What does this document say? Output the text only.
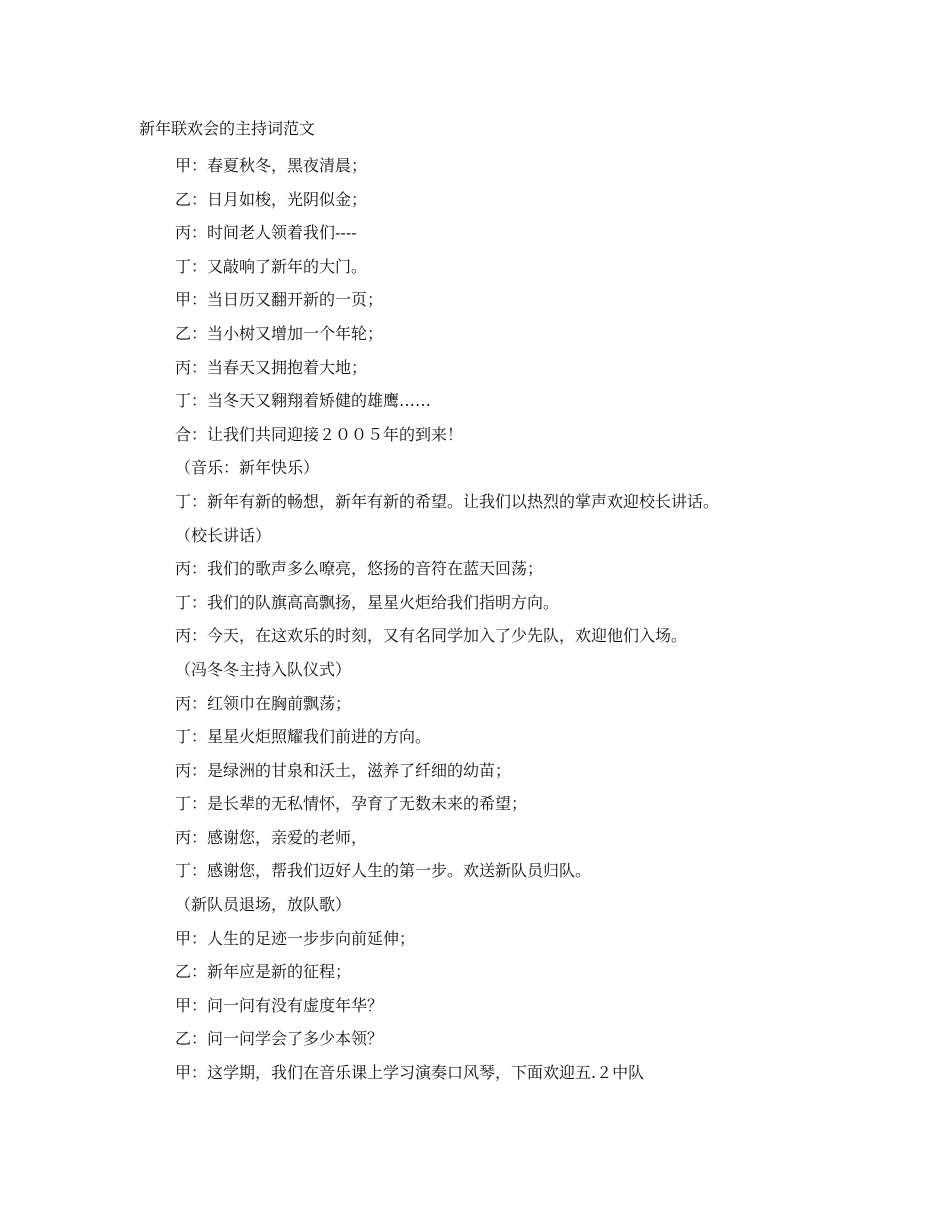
新年联欢会的主持词范文
甲：春夏秋冬，黑夜清晨；
乙：日月如梭，光阴似金；
丙：时间老人领着我们----
丁：又敲响了新年的大门。
甲：当日历又翻开新的一页；
乙：当小树又增加一个年轮；
丙：当春天又拥抱着大地；
丁：当冬天又翱翔着矫健的雄鹰……
合：让我们共同迎接２００５年的到来！
（音乐：新年快乐）
丁：新年有新的畅想，新年有新的希望。让我们以热烈的掌声欢迎校长讲话。
（校长讲话）
丙：我们的歌声多么嘹亮，悠扬的音符在蓝天回荡；
丁：我们的队旗高高飘扬，星星火炬给我们指明方向。
丙：今天，在这欢乐的时刻，又有名同学加入了少先队，欢迎他们入场。
（冯冬冬主持入队仪式）
丙：红领巾在胸前飘荡；
丁：星星火炬照耀我们前进的方向。
丙：是绿洲的甘泉和沃土，滋养了纤细的幼苗；
丁：是长辈的无私情怀，孕育了无数未来的希望；
丙：感谢您，亲爱的老师，
丁：感谢您，帮我们迈好人生的第一步。欢送新队员归队。
（新队员退场，放队歌）
甲：人生的足迹一步步向前延伸；
乙：新年应是新的征程；
甲：问一问有没有虚度年华？
乙：问一问学会了多少本领？
甲：这学期，我们在音乐课上学习演奏口风琴，下面欢迎五.２中队
